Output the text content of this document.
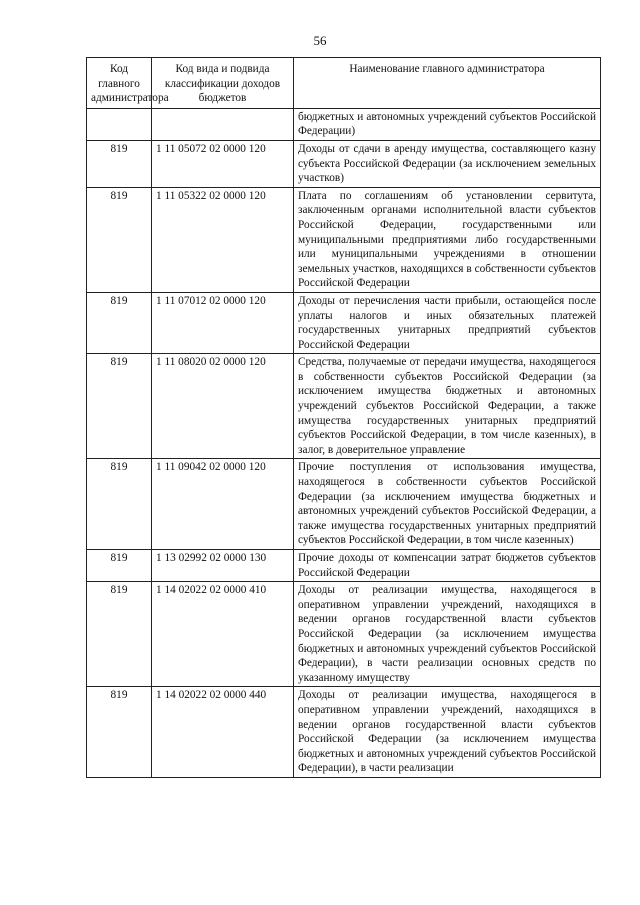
56
Код главного администратора	Код вида и подвида классификации доходов бюджетов	Наименование главного администратора
		бюджетных и автономных учреждений субъектов Российской Федерации)
819	1 11 05072 02 0000 120	Доходы от сдачи в аренду имущества, составляющего казну субъекта Российской Федерации (за исключением земельных участков)
819	1 11 05322 02 0000 120	Плата по соглашениям об установлении сервитута, заключенным органами исполнительной власти субъектов Российской Федерации, государственными или муниципальными предприятиями либо государственными или муниципальными учреждениями в отношении земельных участков, находящихся в собственности субъектов Российской Федерации
819	1 11 07012 02 0000 120	Доходы от перечисления части прибыли, остающейся после уплаты налогов и иных обязательных платежей государственных унитарных предприятий субъектов Российской Федерации
819	1 11 08020 02 0000 120	Средства, получаемые от передачи имущества, находящегося в собственности субъектов Российской Федерации (за исключением имущества бюджетных и автономных учреждений субъектов Российской Федерации, а также имущества государственных унитарных предприятий субъектов Российской Федерации, в том числе казенных), в залог, в доверительное управление
819	1 11 09042 02 0000 120	Прочие поступления от использования имущества, находящегося в собственности субъектов Российской Федерации (за исключением имущества бюджетных и автономных учреждений субъектов Российской Федерации, а также имущества государственных унитарных предприятий субъектов Российской Федерации, в том числе казенных)
819	1 13 02992 02 0000 130	Прочие доходы от компенсации затрат бюджетов субъектов Российской Федерации
819	1 14 02022 02 0000 410	Доходы от реализации имущества, находящегося в оперативном управлении учреждений, находящихся в ведении органов государственной власти субъектов Российской Федерации (за исключением имущества бюджетных и автономных учреждений субъектов Российской Федерации), в части реализации основных средств по указанному имуществу
819	1 14 02022 02 0000 440	Доходы от реализации имущества, находящегося в оперативном управлении учреждений, находящихся в ведении органов государственной власти субъектов Российской Федерации (за исключением имущества бюджетных и автономных учреждений субъектов Российской Федерации), в части реализации
